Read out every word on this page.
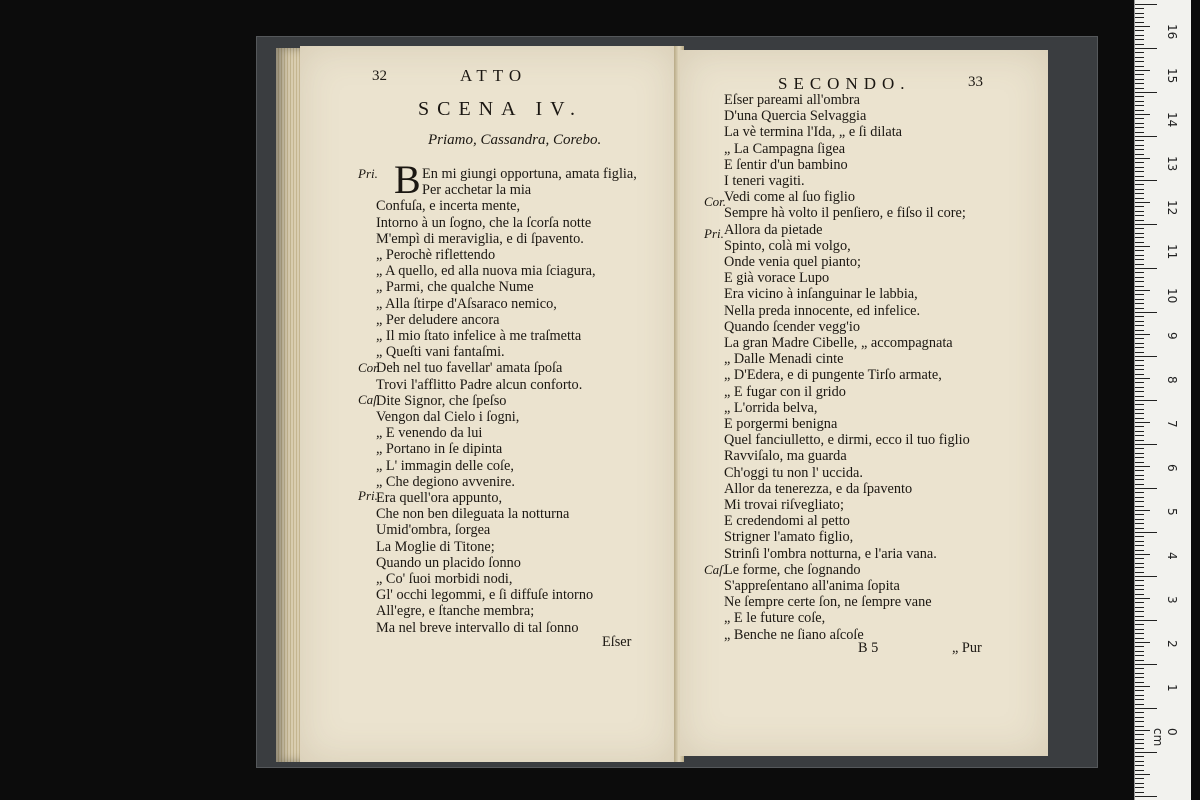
32	ATTO
SCENA IV.
Priamo, Cassandra, Corebo.
B
Pri.
Cor.
Caſ.
Pri.
En mi giungi opportuna, amata figlia,
Per acchetar la mia
Confuſa, e incerta mente,
Intorno à un ſogno, che la ſcorſa notte
M'empì di meraviglia, e di ſpavento.
„ Perochè riflettendo
„ A quello, ed alla nuova mia ſciagura,
„ Parmi, che qualche Nume
„ Alla ſtirpe d'Aſsaraco nemico,
„ Per deludere ancora
„ Il mio ſtato infelice à me traſmetta
„ Queſti vani fantaſmi.
Deh nel tuo favellar' amata ſpoſa
Trovi l'afflitto Padre alcun conforto.
Dite Signor, che ſpeſso
Vengon dal Cielo i ſogni,
„ E venendo da lui
„ Portano in ſe dipinta
„ L' immagin delle coſe,
„ Che degiono avvenire.
Era quell'ora appunto,
Che non ben dileguata la notturna
Umid'ombra, ſorgea
La Moglie di Titone;
Quando un placido ſonno
„ Co' ſuoi morbidi nodi,
Gl' occhi legommi, e ſi diffuſe intorno
All'egre, e ſtanche membra;
Ma nel breve intervallo di tal ſonno
Eſser
SECONDO.	33
Cor.
Pri.
Caſ.
Eſser pareami all'ombra
D'una Quercia Selvaggia
La vè termina l'Ida, „ e ſi dilata
„ La Campagna ſigea
E ſentir d'un bambino
I teneri vagiti.
Vedi come al ſuo figlio
Sempre hà volto il penſiero, e fiſso il core;
Allora da pietade
Spinto, colà mi volgo,
Onde venia quel pianto;
E già vorace Lupo
Era vicino à inſanguinar le labbia,
Nella preda innocente, ed infelice.
Quando ſcender vegg'io
La gran Madre Cibelle, „ accompagnata
„ Dalle Menadi cinte
„ D'Edera, e di pungente Tirſo armate,
„ E fugar con il grido
„ L'orrida belva,
E porgermi benigna
Quel fanciulletto, e dirmi, ecco il tuo figlio
Ravviſalo, ma guarda
Ch'oggi tu non l' uccida.
Allor da tenerezza, e da ſpavento
Mi trovai riſvegliato;
E credendomi al petto
Strigner l'amato figlio,
Strinſi l'ombra notturna, e l'aria vana.
Le forme, che ſognando
S'appreſentano all'anima ſopita
Ne ſempre certe ſon, ne ſempre vane
„ E le future coſe,
„ Benche ne ſiano aſcoſe
B 5	„ Pur
16
15
14
13
12
11
10
9
8
7
6
5
4
3
2
1
0 cm
